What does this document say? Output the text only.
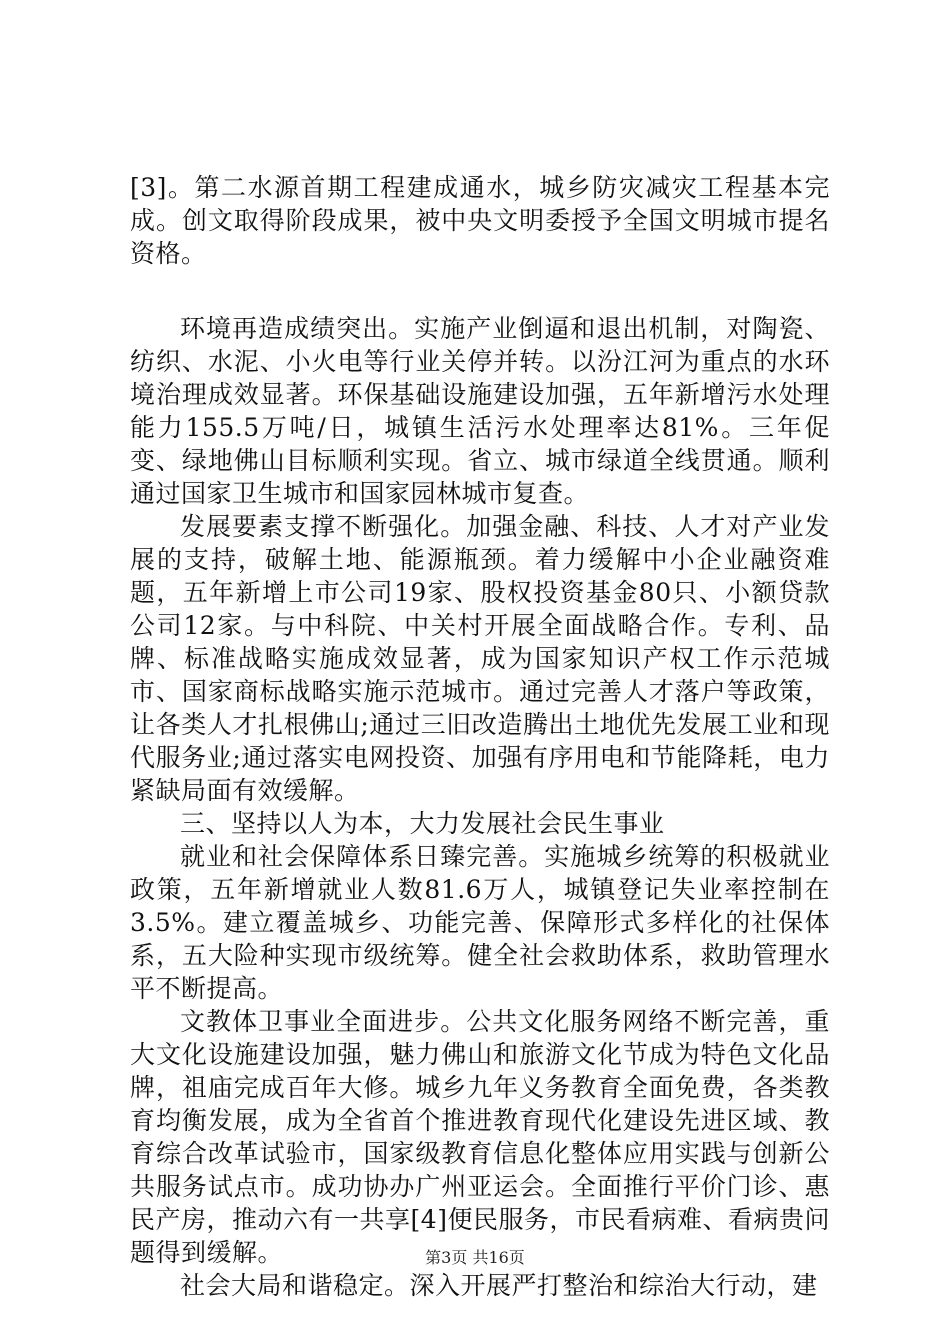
[3]。第二水源首期工程建成通水，城乡防灾减灾工程基本完成。创文取得阶段成果，被中央文明委授予全国文明城市提名资格。

环境再造成绩突出。实施产业倒逼和退出机制，对陶瓷、纺织、水泥、小火电等行业关停并转。以汾江河为重点的水环境治理成效显著。环保基础设施建设加强，五年新增污水处理能力155.5万吨/日，城镇生活污水处理率达81%。三年促变、绿地佛山目标顺利实现。省立、城市绿道全线贯通。顺利通过国家卫生城市和国家园林城市复查。

发展要素支撑不断强化。加强金融、科技、人才对产业发展的支持，破解土地、能源瓶颈。着力缓解中小企业融资难题，五年新增上市公司19家、股权投资基金80只、小额贷款公司12家。与中科院、中关村开展全面战略合作。专利、品牌、标准战略实施成效显著，成为国家知识产权工作示范城市、国家商标战略实施示范城市。通过完善人才落户等政策，让各类人才扎根佛山;通过三旧改造腾出土地优先发展工业和现代服务业;通过落实电网投资、加强有序用电和节能降耗，电力紧缺局面有效缓解。

三、坚持以人为本，大力发展社会民生事业

就业和社会保障体系日臻完善。实施城乡统筹的积极就业政策，五年新增就业人数81.6万人，城镇登记失业率控制在3.5%。建立覆盖城乡、功能完善、保障形式多样化的社保体系，五大险种实现市级统筹。健全社会救助体系，救助管理水平不断提高。

文教体卫事业全面进步。公共文化服务网络不断完善，重大文化设施建设加强，魅力佛山和旅游文化节成为特色文化品牌，祖庙完成百年大修。城乡九年义务教育全面免费，各类教育均衡发展，成为全省首个推进教育现代化建设先进区域、教育综合改革试验市，国家级教育信息化整体应用实践与创新公共服务试点市。成功协办广州亚运会。全面推行平价门诊、惠民产房，推动六有一共享[4]便民服务，市民看病难、看病贵问题得到缓解。

社会大局和谐稳定。深入开展严打整治和综治大行动，建

第3页 共16页
